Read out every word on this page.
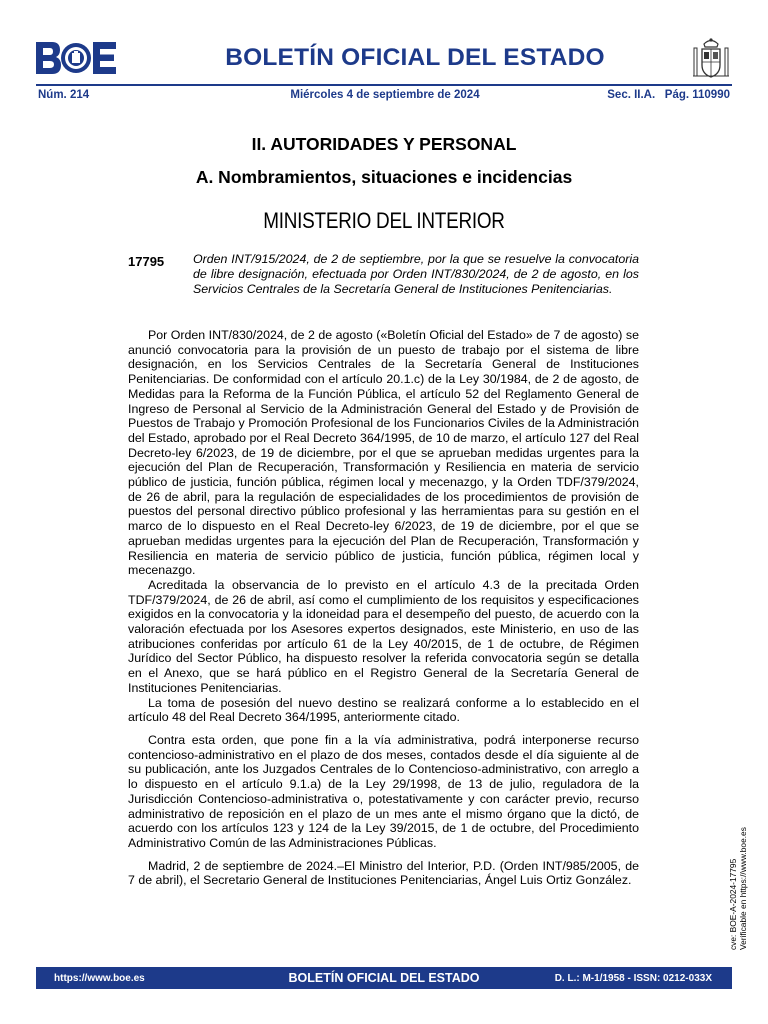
BOLETÍN OFICIAL DEL ESTADO
Núm. 214	Miércoles 4 de septiembre de 2024	Sec. II.A.   Pág. 110990
II. AUTORIDADES Y PERSONAL
A. Nombramientos, situaciones e incidencias
MINISTERIO DEL INTERIOR
17795 Orden INT/915/2024, de 2 de septiembre, por la que se resuelve la convocatoria de libre designación, efectuada por Orden INT/830/2024, de 2 de agosto, en los Servicios Centrales de la Secretaría General de Instituciones Penitenciarias.

Por Orden INT/830/2024, de 2 de agosto («Boletín Oficial del Estado» de 7 de agosto) se anunció convocatoria para la provisión de un puesto de trabajo por el sistema de libre designación, en los Servicios Centrales de la Secretaría General de Instituciones Penitenciarias. De conformidad con el artículo 20.1.c) de la Ley 30/1984, de 2 de agosto, de Medidas para la Reforma de la Función Pública, el artículo 52 del Reglamento General de Ingreso de Personal al Servicio de la Administración General del Estado y de Provisión de Puestos de Trabajo y Promoción Profesional de los Funcionarios Civiles de la Administración del Estado, aprobado por el Real Decreto 364/1995, de 10 de marzo, el artículo 127 del Real Decreto-ley 6/2023, de 19 de diciembre, por el que se aprueban medidas urgentes para la ejecución del Plan de Recuperación, Transformación y Resiliencia en materia de servicio público de justicia, función pública, régimen local y mecenazgo, y la Orden TDF/379/2024, de 26 de abril, para la regulación de especialidades de los procedimientos de provisión de puestos del personal directivo público profesional y las herramientas para su gestión en el marco de lo dispuesto en el Real Decreto-ley 6/2023, de 19 de diciembre, por el que se aprueban medidas urgentes para la ejecución del Plan de Recuperación, Transformación y Resiliencia en materia de servicio público de justicia, función pública, régimen local y mecenazgo.

Acreditada la observancia de lo previsto en el artículo 4.3 de la precitada Orden TDF/379/2024, de 26 de abril, así como el cumplimiento de los requisitos y especificaciones exigidos en la convocatoria y la idoneidad para el desempeño del puesto, de acuerdo con la valoración efectuada por los Asesores expertos designados, este Ministerio, en uso de las atribuciones conferidas por artículo 61 de la Ley 40/2015, de 1 de octubre, de Régimen Jurídico del Sector Público, ha dispuesto resolver la referida convocatoria según se detalla en el Anexo, que se hará público en el Registro General de la Secretaría General de Instituciones Penitenciarias.

La toma de posesión del nuevo destino se realizará conforme a lo establecido en el artículo 48 del Real Decreto 364/1995, anteriormente citado.

Contra esta orden, que pone fin a la vía administrativa, podrá interponerse recurso contencioso-administrativo en el plazo de dos meses, contados desde el día siguiente al de su publicación, ante los Juzgados Centrales de lo Contencioso-administrativo, con arreglo a lo dispuesto en el artículo 9.1.a) de la Ley 29/1998, de 13 de julio, reguladora de la Jurisdicción Contencioso-administrativa o, potestativamente y con carácter previo, recurso administrativo de reposición en el plazo de un mes ante el mismo órgano que la dictó, de acuerdo con los artículos 123 y 124 de la Ley 39/2015, de 1 de octubre, del Procedimiento Administrativo Común de las Administraciones Públicas.

Madrid, 2 de septiembre de 2024.–El Ministro del Interior, P.D. (Orden INT/985/2005, de 7 de abril), el Secretario General de Instituciones Penitenciarias, Ángel Luis Ortiz González.	cve: BOE-A-2024-17795 Verificable en https://www.boe.es
https://www.boe.es	BOLETÍN OFICIAL DEL ESTADO	D. L.: M-1/1958 - ISSN: 0212-033X
